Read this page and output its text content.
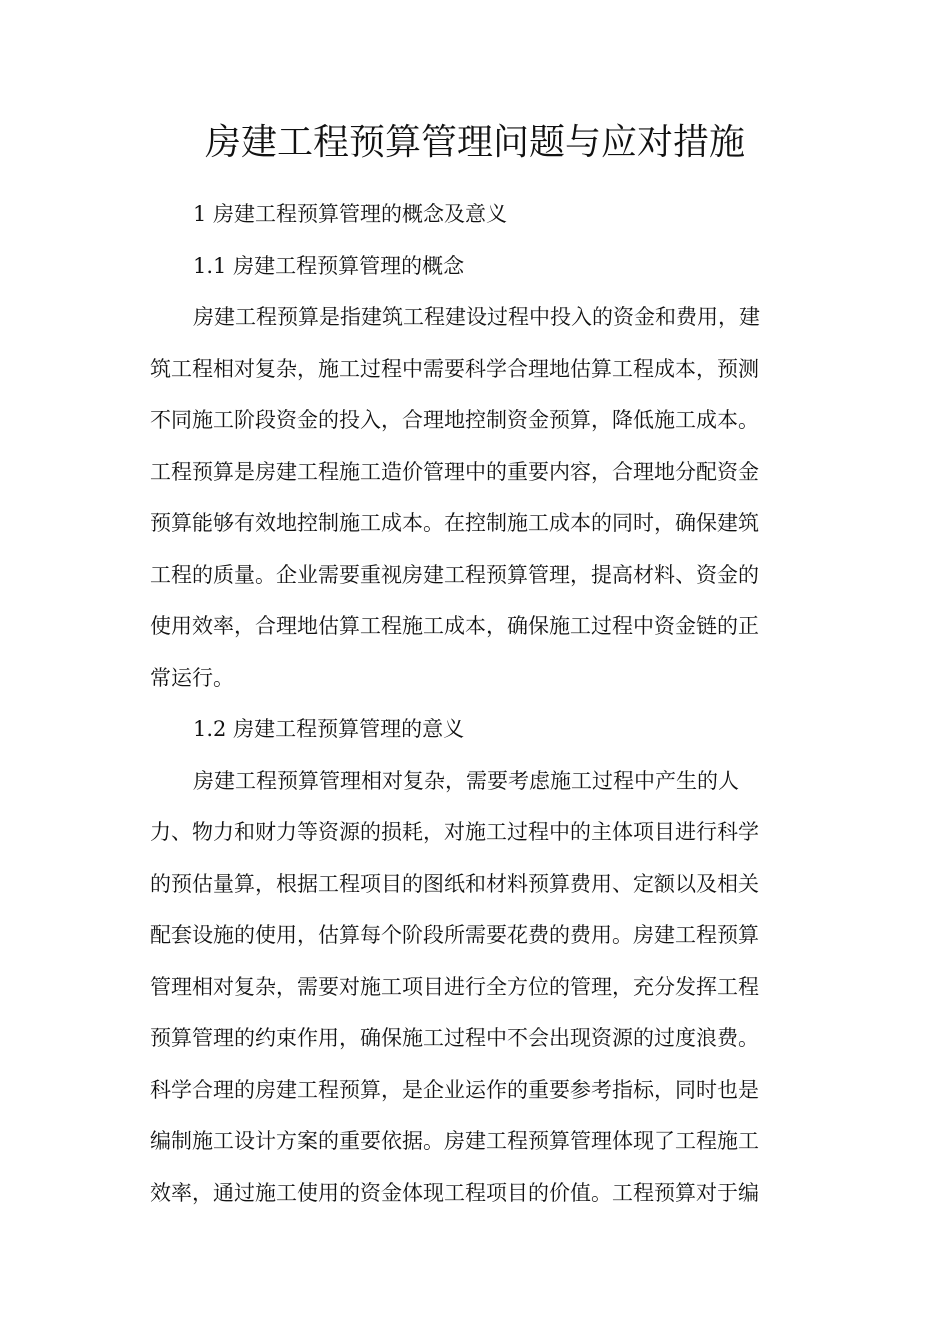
房建工程预算管理问题与应对措施
1 房建工程预算管理的概念及意义
1.1 房建工程预算管理的概念
房建工程预算是指建筑工程建设过程中投入的资金和费用，建
筑工程相对复杂，施工过程中需要科学合理地估算工程成本，预测
不同施工阶段资金的投入，合理地控制资金预算，降低施工成本。
工程预算是房建工程施工造价管理中的重要内容，合理地分配资金
预算能够有效地控制施工成本。在控制施工成本的同时，确保建筑
工程的质量。企业需要重视房建工程预算管理，提高材料、资金的
使用效率，合理地估算工程施工成本，确保施工过程中资金链的正
常运行。
1.2 房建工程预算管理的意义
房建工程预算管理相对复杂，需要考虑施工过程中产生的人
力、物力和财力等资源的损耗，对施工过程中的主体项目进行科学
的预估量算，根据工程项目的图纸和材料预算费用、定额以及相关
配套设施的使用，估算每个阶段所需要花费的费用。房建工程预算
管理相对复杂，需要对施工项目进行全方位的管理，充分发挥工程
预算管理的约束作用，确保施工过程中不会出现资源的过度浪费。
科学合理的房建工程预算，是企业运作的重要参考指标，同时也是
编制施工设计方案的重要依据。房建工程预算管理体现了工程施工
效率，通过施工使用的资金体现工程项目的价值。工程预算对于编
